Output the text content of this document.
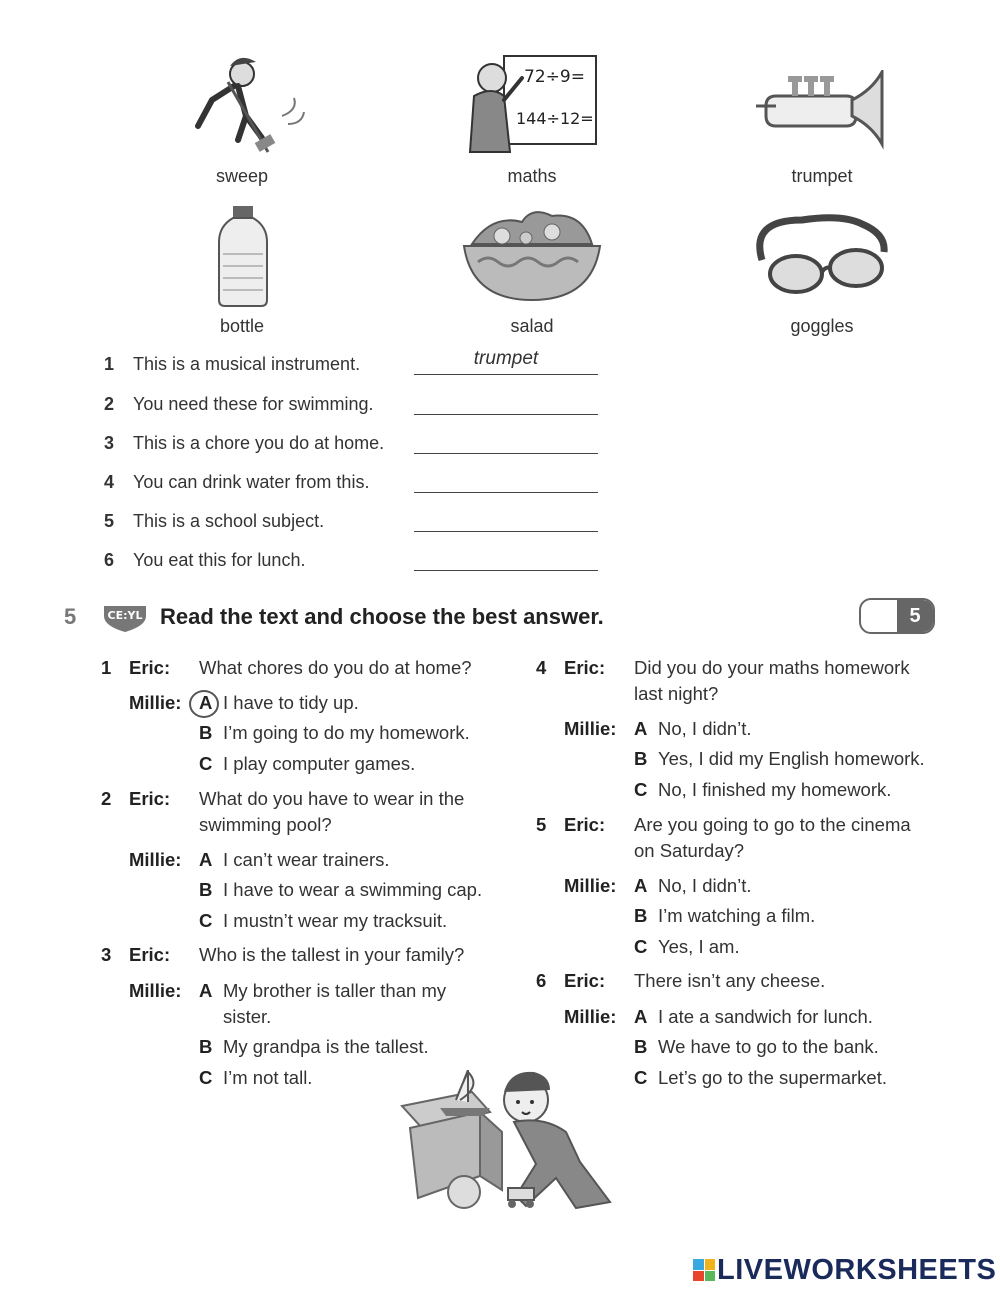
sweep
72÷9=
144÷12=
maths	trumpet
bottle	salad	goggles
1	This is a musical instrument.	trumpet
2	You need these for swimming.
3	This is a chore you do at home.
4	You can drink water from this.
5	This is a school subject.
6	You eat this for lunch.
5	CE:YL Read the text and choose the best answer.	5
1 Eric: What chores do you do at home?
Millie: A I have to tidy up.
B I’m going to do my homework.
C I play computer games.
2 Eric: What do you have to wear in the
swimming pool?
Millie: A I can’t wear trainers.
B I have to wear a swimming cap.
C I mustn’t wear my tracksuit.
3 Eric: Who is the tallest in your family?
Millie: A My brother is taller than my
sister.
B My grandpa is the tallest.
C I’m not tall.
4 Eric: Did you do your maths homework
last night?
Millie: A No, I didn’t.
B Yes, I did my English homework.
C No, I finished my homework.
5 Eric: Are you going to go to the cinema
on Saturday?
Millie: A No, I didn’t.
B I’m watching a film.
C Yes, I am.
6 Eric: There isn’t any cheese.
Millie: A I ate a sandwich for lunch.
B We have to go to the bank.
C Let’s go to the supermarket.
LIVEWORKSHEETS
